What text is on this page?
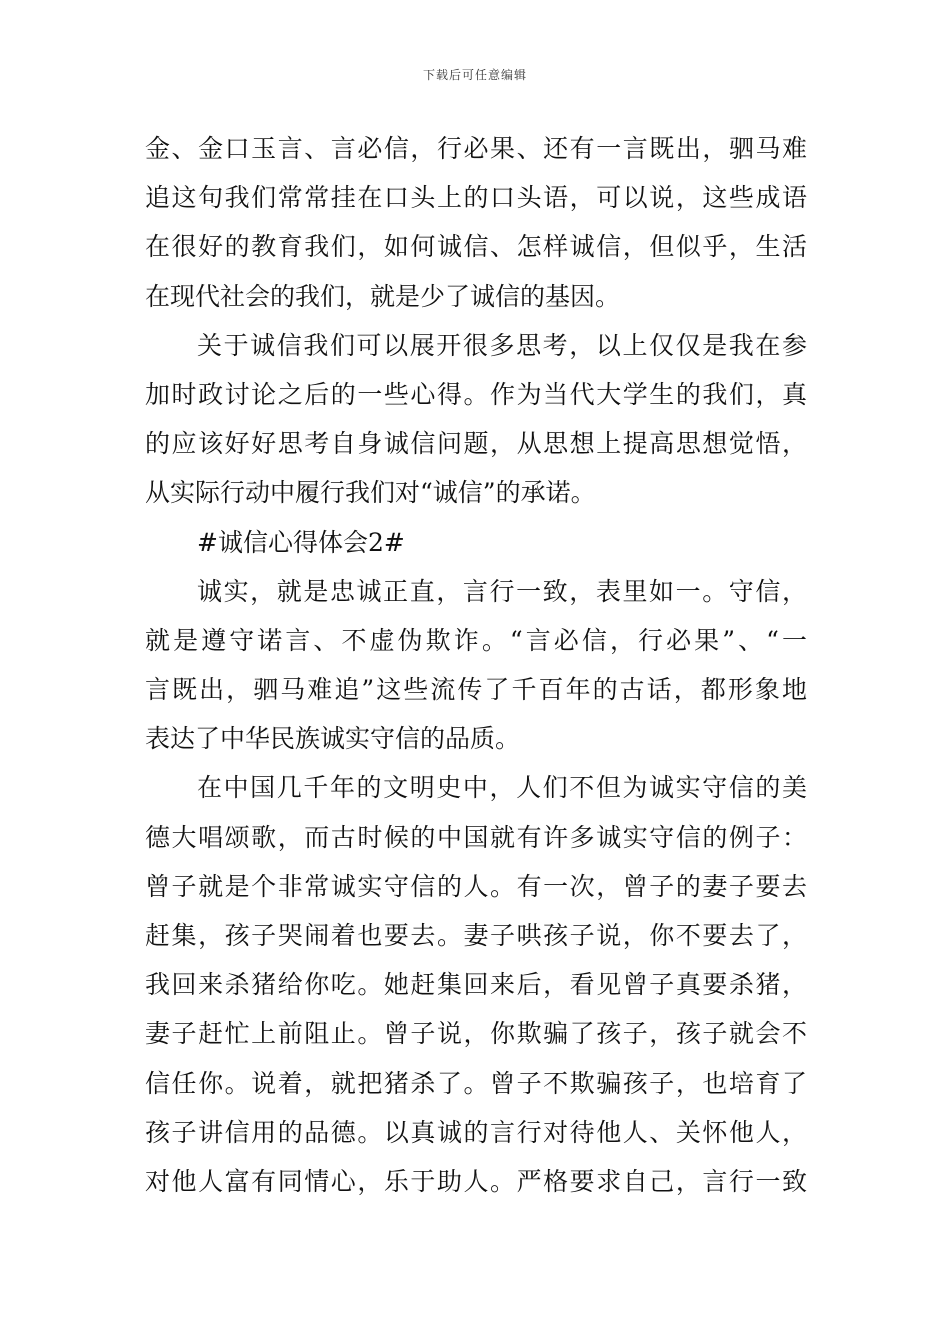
下载后可任意编辑
金、金口玉言、言必信，行必果、还有一言既出，驷马难
追这句我们常常挂在口头上的口头语，可以说，这些成语
在很好的教育我们，如何诚信、怎样诚信，但似乎，生活
在现代社会的我们，就是少了诚信的基因。
关于诚信我们可以展开很多思考，以上仅仅是我在参
加时政讨论之后的一些心得。作为当代大学生的我们，真
的应该好好思考自身诚信问题，从思想上提高思想觉悟，
从实际行动中履行我们对“诚信”的承诺。
#诚信心得体会2#
诚实，就是忠诚正直，言行一致，表里如一。守信，
就是遵守诺言、不虚伪欺诈。“言必信，行必果”、“一
言既出，驷马难追”这些流传了千百年的古话，都形象地
表达了中华民族诚实守信的品质。
在中国几千年的文明史中，人们不但为诚实守信的美
德大唱颂歌，而古时候的中国就有许多诚实守信的例子：
曾子就是个非常诚实守信的人。有一次，曾子的妻子要去
赶集，孩子哭闹着也要去。妻子哄孩子说，你不要去了，
我回来杀猪给你吃。她赶集回来后，看见曾子真要杀猪，
妻子赶忙上前阻止。曾子说，你欺骗了孩子，孩子就会不
信任你。说着，就把猪杀了。曾子不欺骗孩子，也培育了
孩子讲信用的品德。以真诚的言行对待他人、关怀他人，
对他人富有同情心，乐于助人。严格要求自己，言行一致
